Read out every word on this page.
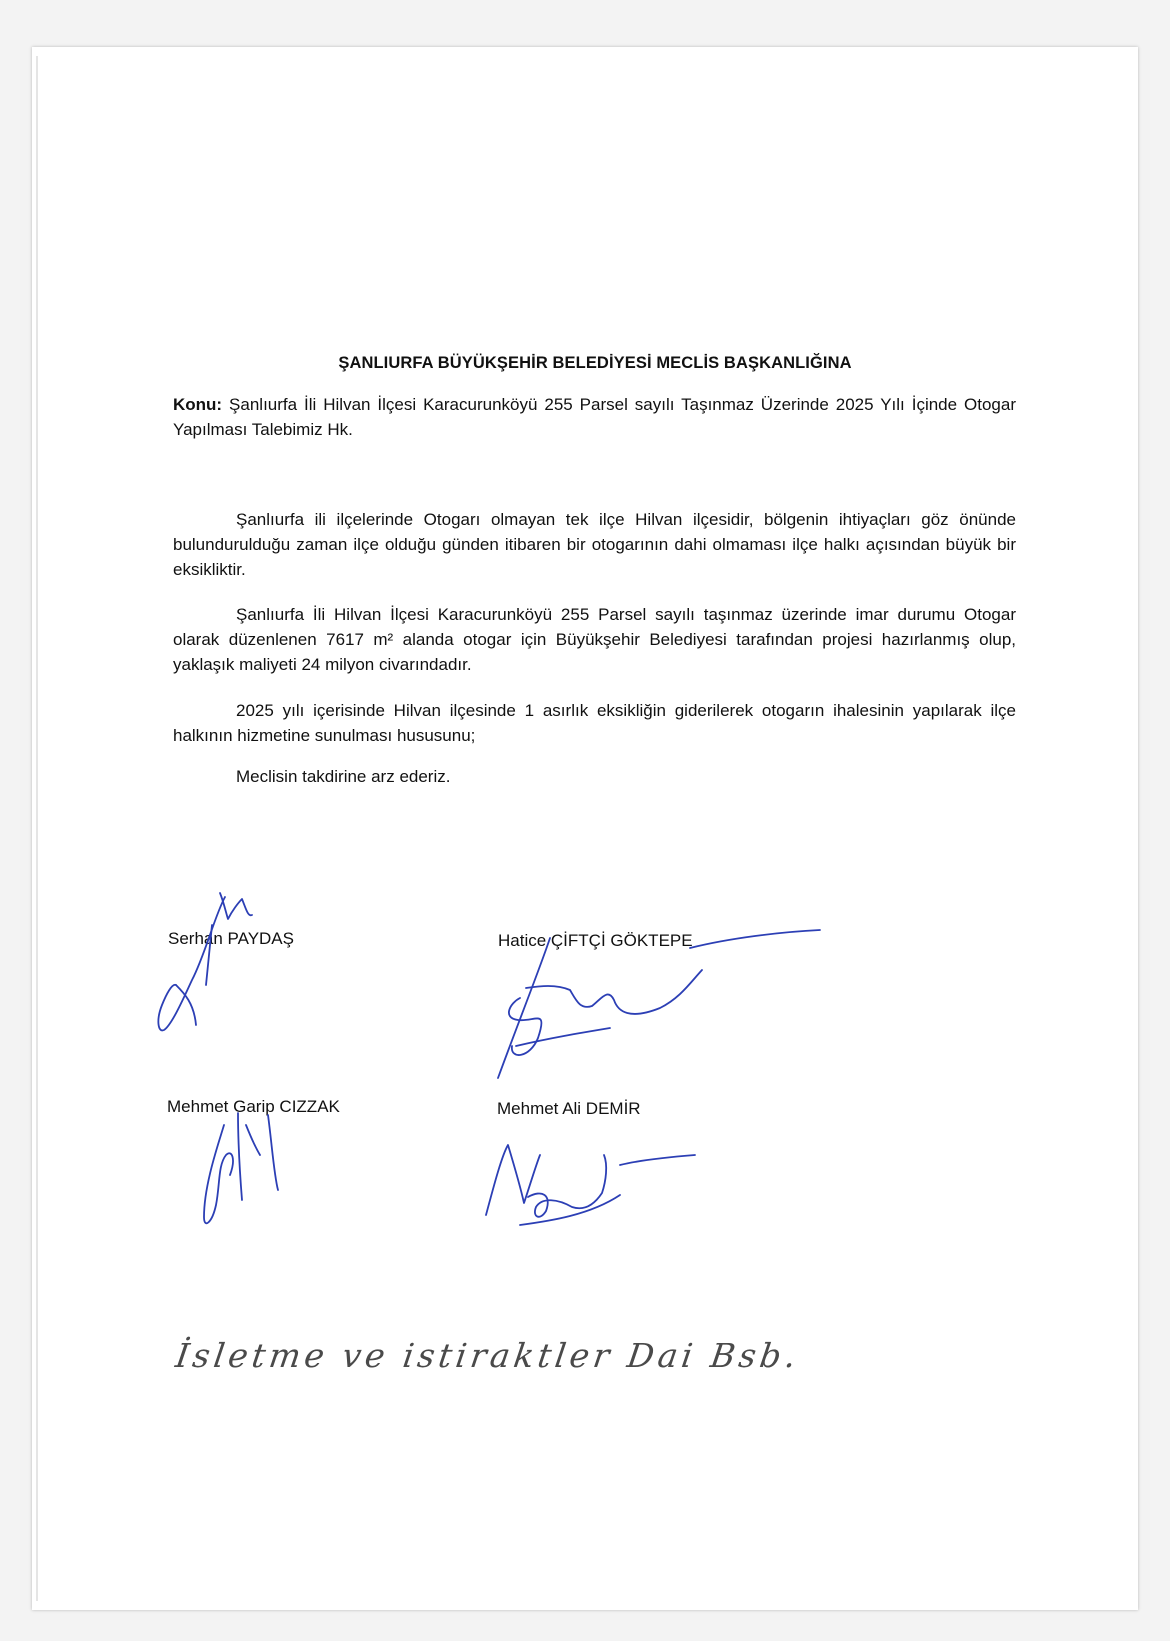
ŞANLIURFA BÜYÜKŞEHİR BELEDİYESİ MECLİS BAŞKANLIĞINA
Konu: Şanlıurfa İli Hilvan İlçesi Karacurunköyü 255 Parsel sayılı Taşınmaz Üzerinde 2025 Yılı İçinde Otogar Yapılması Talebimiz Hk.
Şanlıurfa ili ilçelerinde Otogarı olmayan tek ilçe Hilvan ilçesidir, bölgenin ihtiyaçları göz önünde bulundurulduğu zaman ilçe olduğu günden itibaren bir otogarının dahi olmaması ilçe halkı açısından büyük bir eksikliktir.
Şanlıurfa İli Hilvan İlçesi Karacurunköyü 255 Parsel sayılı taşınmaz üzerinde imar durumu Otogar olarak düzenlenen 7617 m² alanda otogar için Büyükşehir Belediyesi tarafından projesi hazırlanmış olup, yaklaşık maliyeti 24 milyon civarındadır.
2025 yılı içerisinde Hilvan ilçesinde 1 asırlık eksikliğin giderilerek otogarın ihalesinin yapılarak ilçe halkının hizmetine sunulması hususunu;
Meclisin takdirine arz ederiz.
Serhan PAYDAŞ	Hatice ÇİFTÇİ GÖKTEPE
Mehmet Garip CIZZAK	Mehmet Ali DEMİR
İsletme ve istiraktler Dai Bsb.
